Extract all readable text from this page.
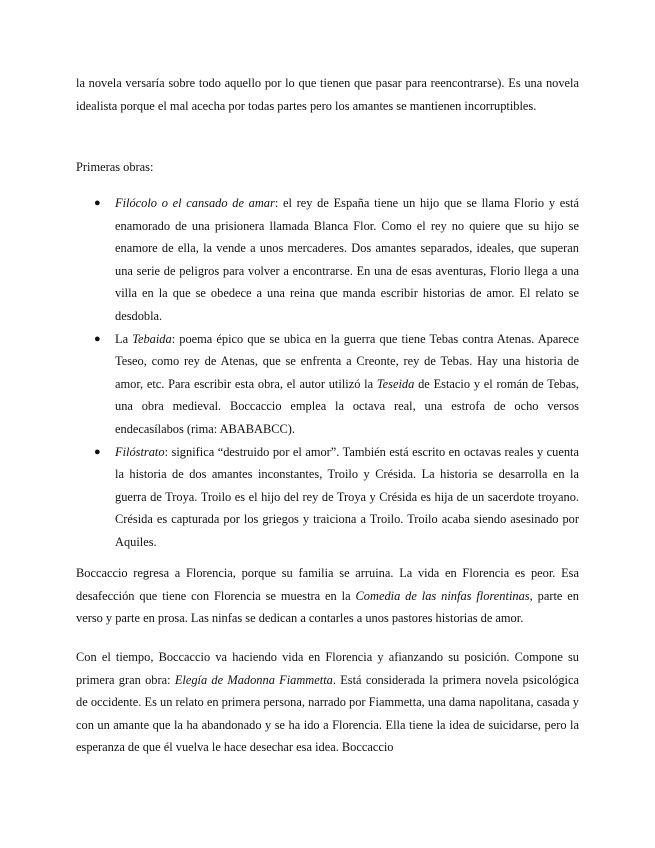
la novela versaría sobre todo aquello por lo que tienen que pasar para reencontrarse). Es una novela idealista porque el mal acecha por todas partes pero los amantes se mantienen incorruptibles.

Primeras obras:

● Filócolo o el cansado de amar: el rey de España tiene un hijo que se llama Florio y está enamorado de una prisionera llamada Blanca Flor. Como el rey no quiere que su hijo se enamore de ella, la vende a unos mercaderes. Dos amantes separados, ideales, que superan una serie de peligros para volver a encontrarse. En una de esas aventuras, Florio llega a una villa en la que se obedece a una reina que manda escribir historias de amor. El relato se desdobla.
● La Tebaida: poema épico que se ubica en la guerra que tiene Tebas contra Atenas. Aparece Teseo, como rey de Atenas, que se enfrenta a Creonte, rey de Tebas. Hay una historia de amor, etc. Para escribir esta obra, el autor utilizó la Teseida de Estacio y el román de Tebas, una obra medieval. Boccaccio emplea la octava real, una estrofa de ocho versos endecasílabos (rima: ABABABCC).
● Filóstrato: significa “destruido por el amor”. También está escrito en octavas reales y cuenta la historia de dos amantes inconstantes, Troilo y Crésida. La historia se desarrolla en la guerra de Troya. Troilo es el hijo del rey de Troya y Crésida es hija de un sacerdote troyano. Crésida es capturada por los griegos y traiciona a Troilo. Troilo acaba siendo asesinado por Aquiles.

Boccaccio regresa a Florencia, porque su familia se arruina. La vida en Florencia es peor. Esa desafección que tiene con Florencia se muestra en la Comedia de las ninfas florentinas, parte en verso y parte en prosa. Las ninfas se dedican a contarles a unos pastores historias de amor.

Con el tiempo, Boccaccio va haciendo vida en Florencia y afianzando su posición. Compone su primera gran obra: Elegía de Madonna Fiammetta. Está considerada la primera novela psicológica de occidente. Es un relato en primera persona, narrado por Fiammetta, una dama napolitana, casada y con un amante que la ha abandonado y se ha ido a Florencia. Ella tiene la idea de suicidarse, pero la esperanza de que él vuelva le hace desechar esa idea. Boccaccio
